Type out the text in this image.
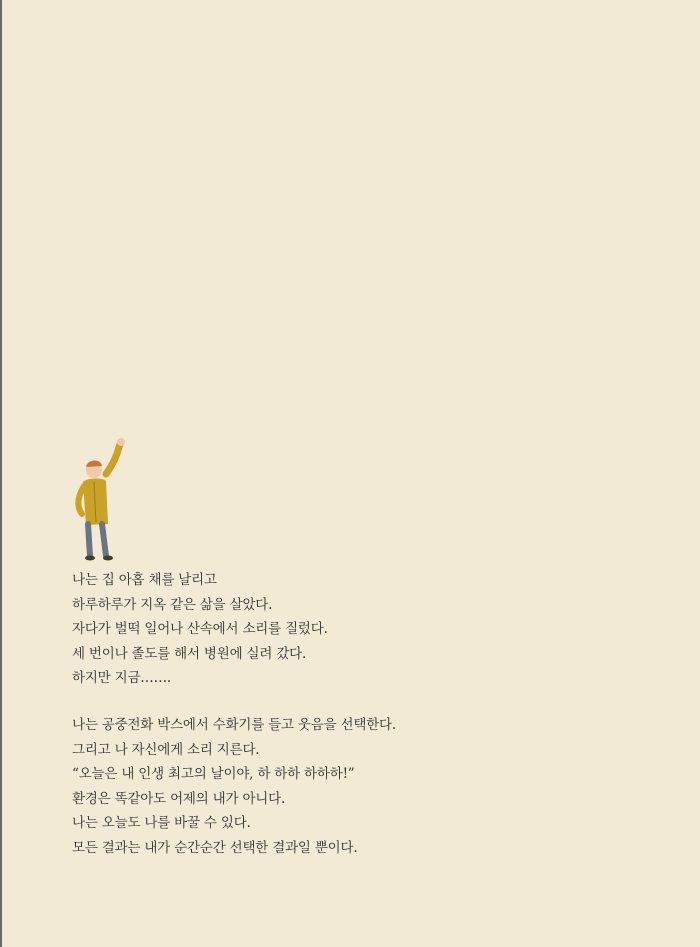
나는 집 아홉 채를 날리고
하루하루가 지옥 같은 삶을 살았다.
자다가 벌떡 일어나 산속에서 소리를 질렀다.
세 번이나 졸도를 해서 병원에 실려 갔다.
하지만 지금…….

나는 공중전화 박스에서 수화기를 들고 웃음을 선택한다.
그리고 나 자신에게 소리 지른다.
“오늘은 내 인생 최고의 날이야, 하 하하 하하하!”
환경은 똑같아도 어제의 내가 아니다.
나는 오늘도 나를 바꿀 수 있다.
모든 결과는 내가 순간순간 선택한 결과일 뿐이다.
